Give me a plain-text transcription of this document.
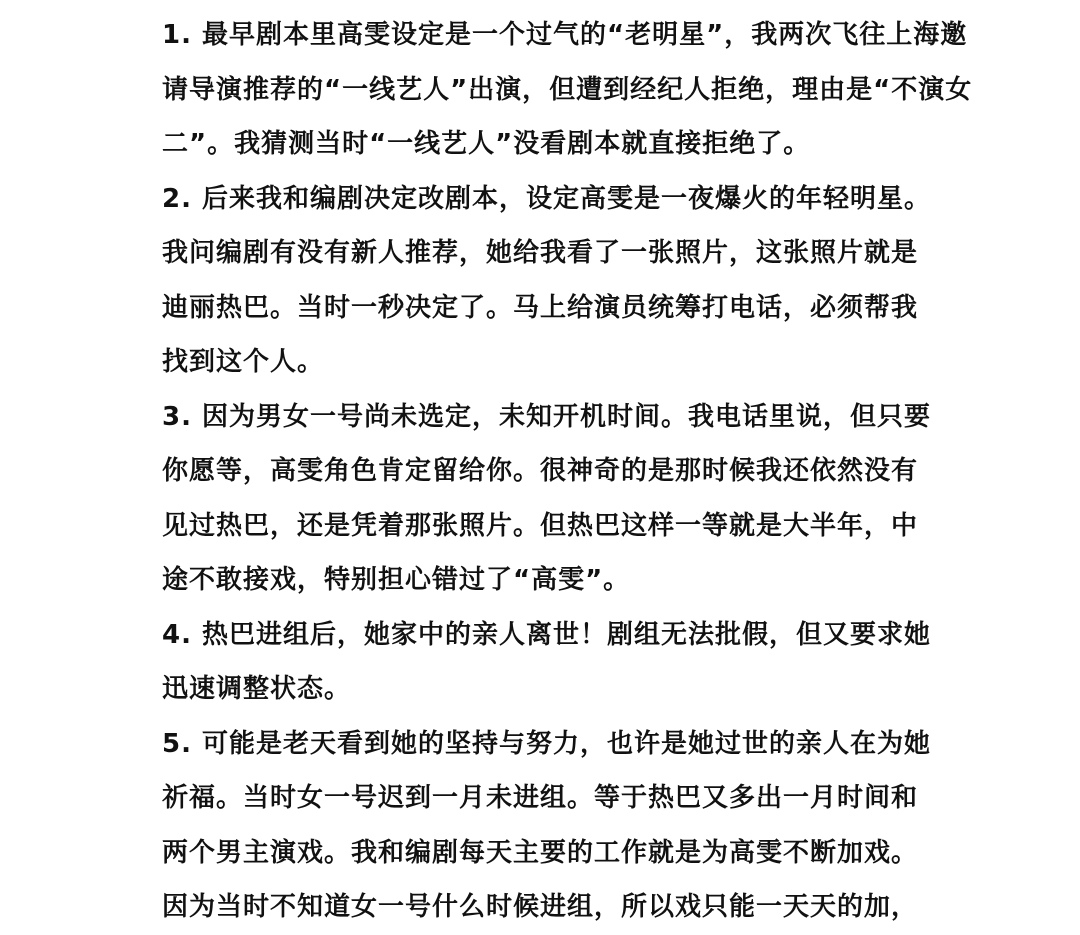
1. 最早剧本里高雯设定是一个过气的“老明星”，我两次飞往上海邀
请导演推荐的“一线艺人”出演，但遭到经纪人拒绝，理由是“不演女
二”。我猜测当时“一线艺人”没看剧本就直接拒绝了。
2. 后来我和编剧决定改剧本，设定高雯是一夜爆火的年轻明星。
我问编剧有没有新人推荐，她给我看了一张照片，这张照片就是
迪丽热巴。当时一秒决定了。马上给演员统筹打电话，必须帮我
找到这个人。
3. 因为男女一号尚未选定，未知开机时间。我电话里说，但只要
你愿等，高雯角色肯定留给你。很神奇的是那时候我还依然没有
见过热巴，还是凭着那张照片。但热巴这样一等就是大半年，中
途不敢接戏，特别担心错过了“高雯”。
4. 热巴进组后，她家中的亲人离世！剧组无法批假，但又要求她
迅速调整状态。
5. 可能是老天看到她的坚持与努力，也许是她过世的亲人在为她
祈福。当时女一号迟到一月未进组。等于热巴又多出一月时间和
两个男主演戏。我和编剧每天主要的工作就是为高雯不断加戏。
因为当时不知道女一号什么时候进组，所以戏只能一天天的加，
